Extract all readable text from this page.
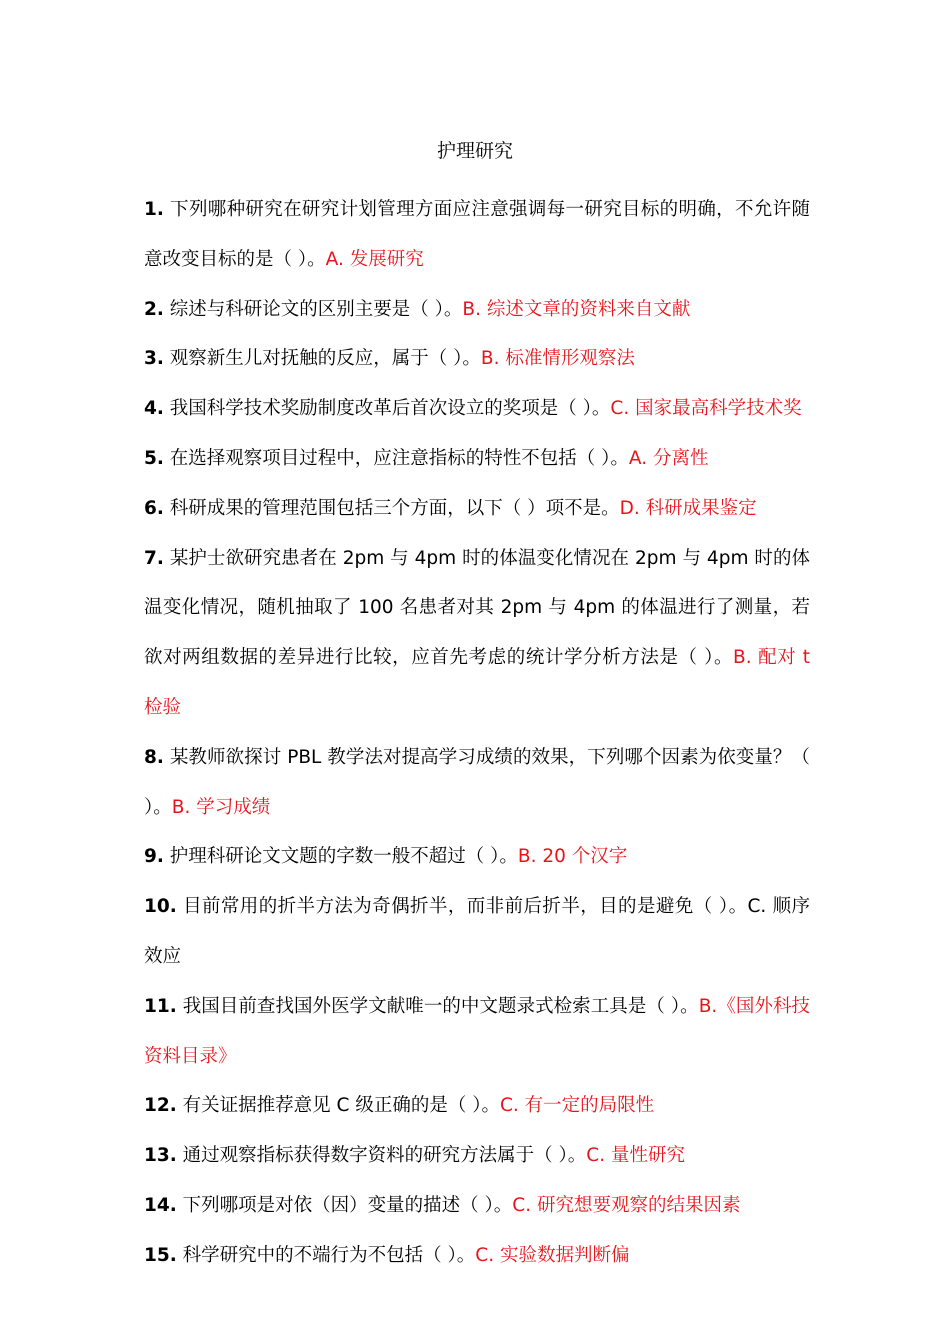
护理研究
1. 下列哪种研究在研究计划管理方面应注意强调每一研究目标的明确，不允许随意改变目标的是（ ）。A. 发展研究
2. 综述与科研论文的区别主要是（ ）。B. 综述文章的资料来自文献
3. 观察新生儿对抚触的反应，属于（ ）。B. 标准情形观察法
4. 我国科学技术奖励制度改革后首次设立的奖项是（ ）。C. 国家最高科学技术奖
5. 在选择观察项目过程中，应注意指标的特性不包括（ ）。A. 分离性
6. 科研成果的管理范围包括三个方面，以下（ ）项不是。D. 科研成果鉴定
7. 某护士欲研究患者在 2pm 与 4pm 时的体温变化情况在 2pm 与 4pm 时的体温变化情况，随机抽取了 100 名患者对其 2pm 与 4pm 的体温进行了测量，若欲对两组数据的差异进行比较，应首先考虑的统计学分析方法是（ ）。B. 配对 t 检验
8. 某教师欲探讨 PBL 教学法对提高学习成绩的效果，下列哪个因素为依变量？（ ）。B. 学习成绩
9. 护理科研论文文题的字数一般不超过（ ）。B. 20 个汉字
10. 目前常用的折半方法为奇偶折半，而非前后折半，目的是避免（ ）。C. 顺序效应
11. 我国目前查找国外医学文献唯一的中文题录式检索工具是（ ）。B.《国外科技资料目录》
12. 有关证据推荐意见 C 级正确的是（ ）。C. 有一定的局限性
13. 通过观察指标获得数字资料的研究方法属于（ ）。C. 量性研究
14. 下列哪项是对依（因）变量的描述（ ）。C. 研究想要观察的结果因素
15. 科学研究中的不端行为不包括（ ）。C. 实验数据判断偏
